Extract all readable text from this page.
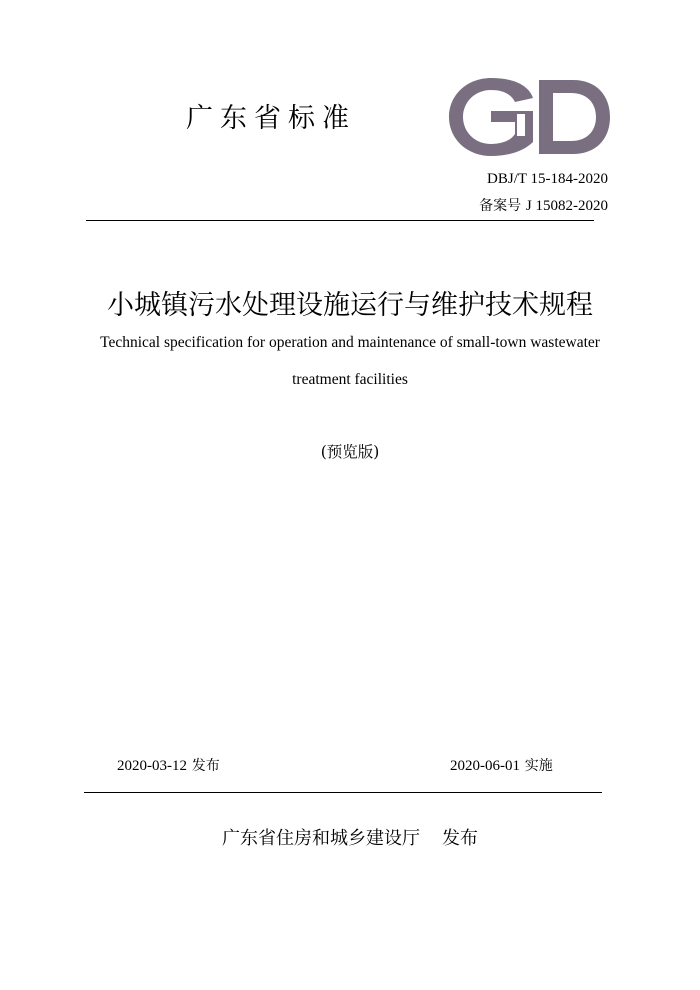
广东省标准
DBJ/T 15-184-2020
备案号 J 15082-2020
小城镇污水处理设施运行与维护技术规程
Technical specification for operation and maintenance of small-town wastewater
treatment facilities
(预览版)
2020-03-12 发布	2020-06-01 实施
广东省住房和城乡建设厅 发布
